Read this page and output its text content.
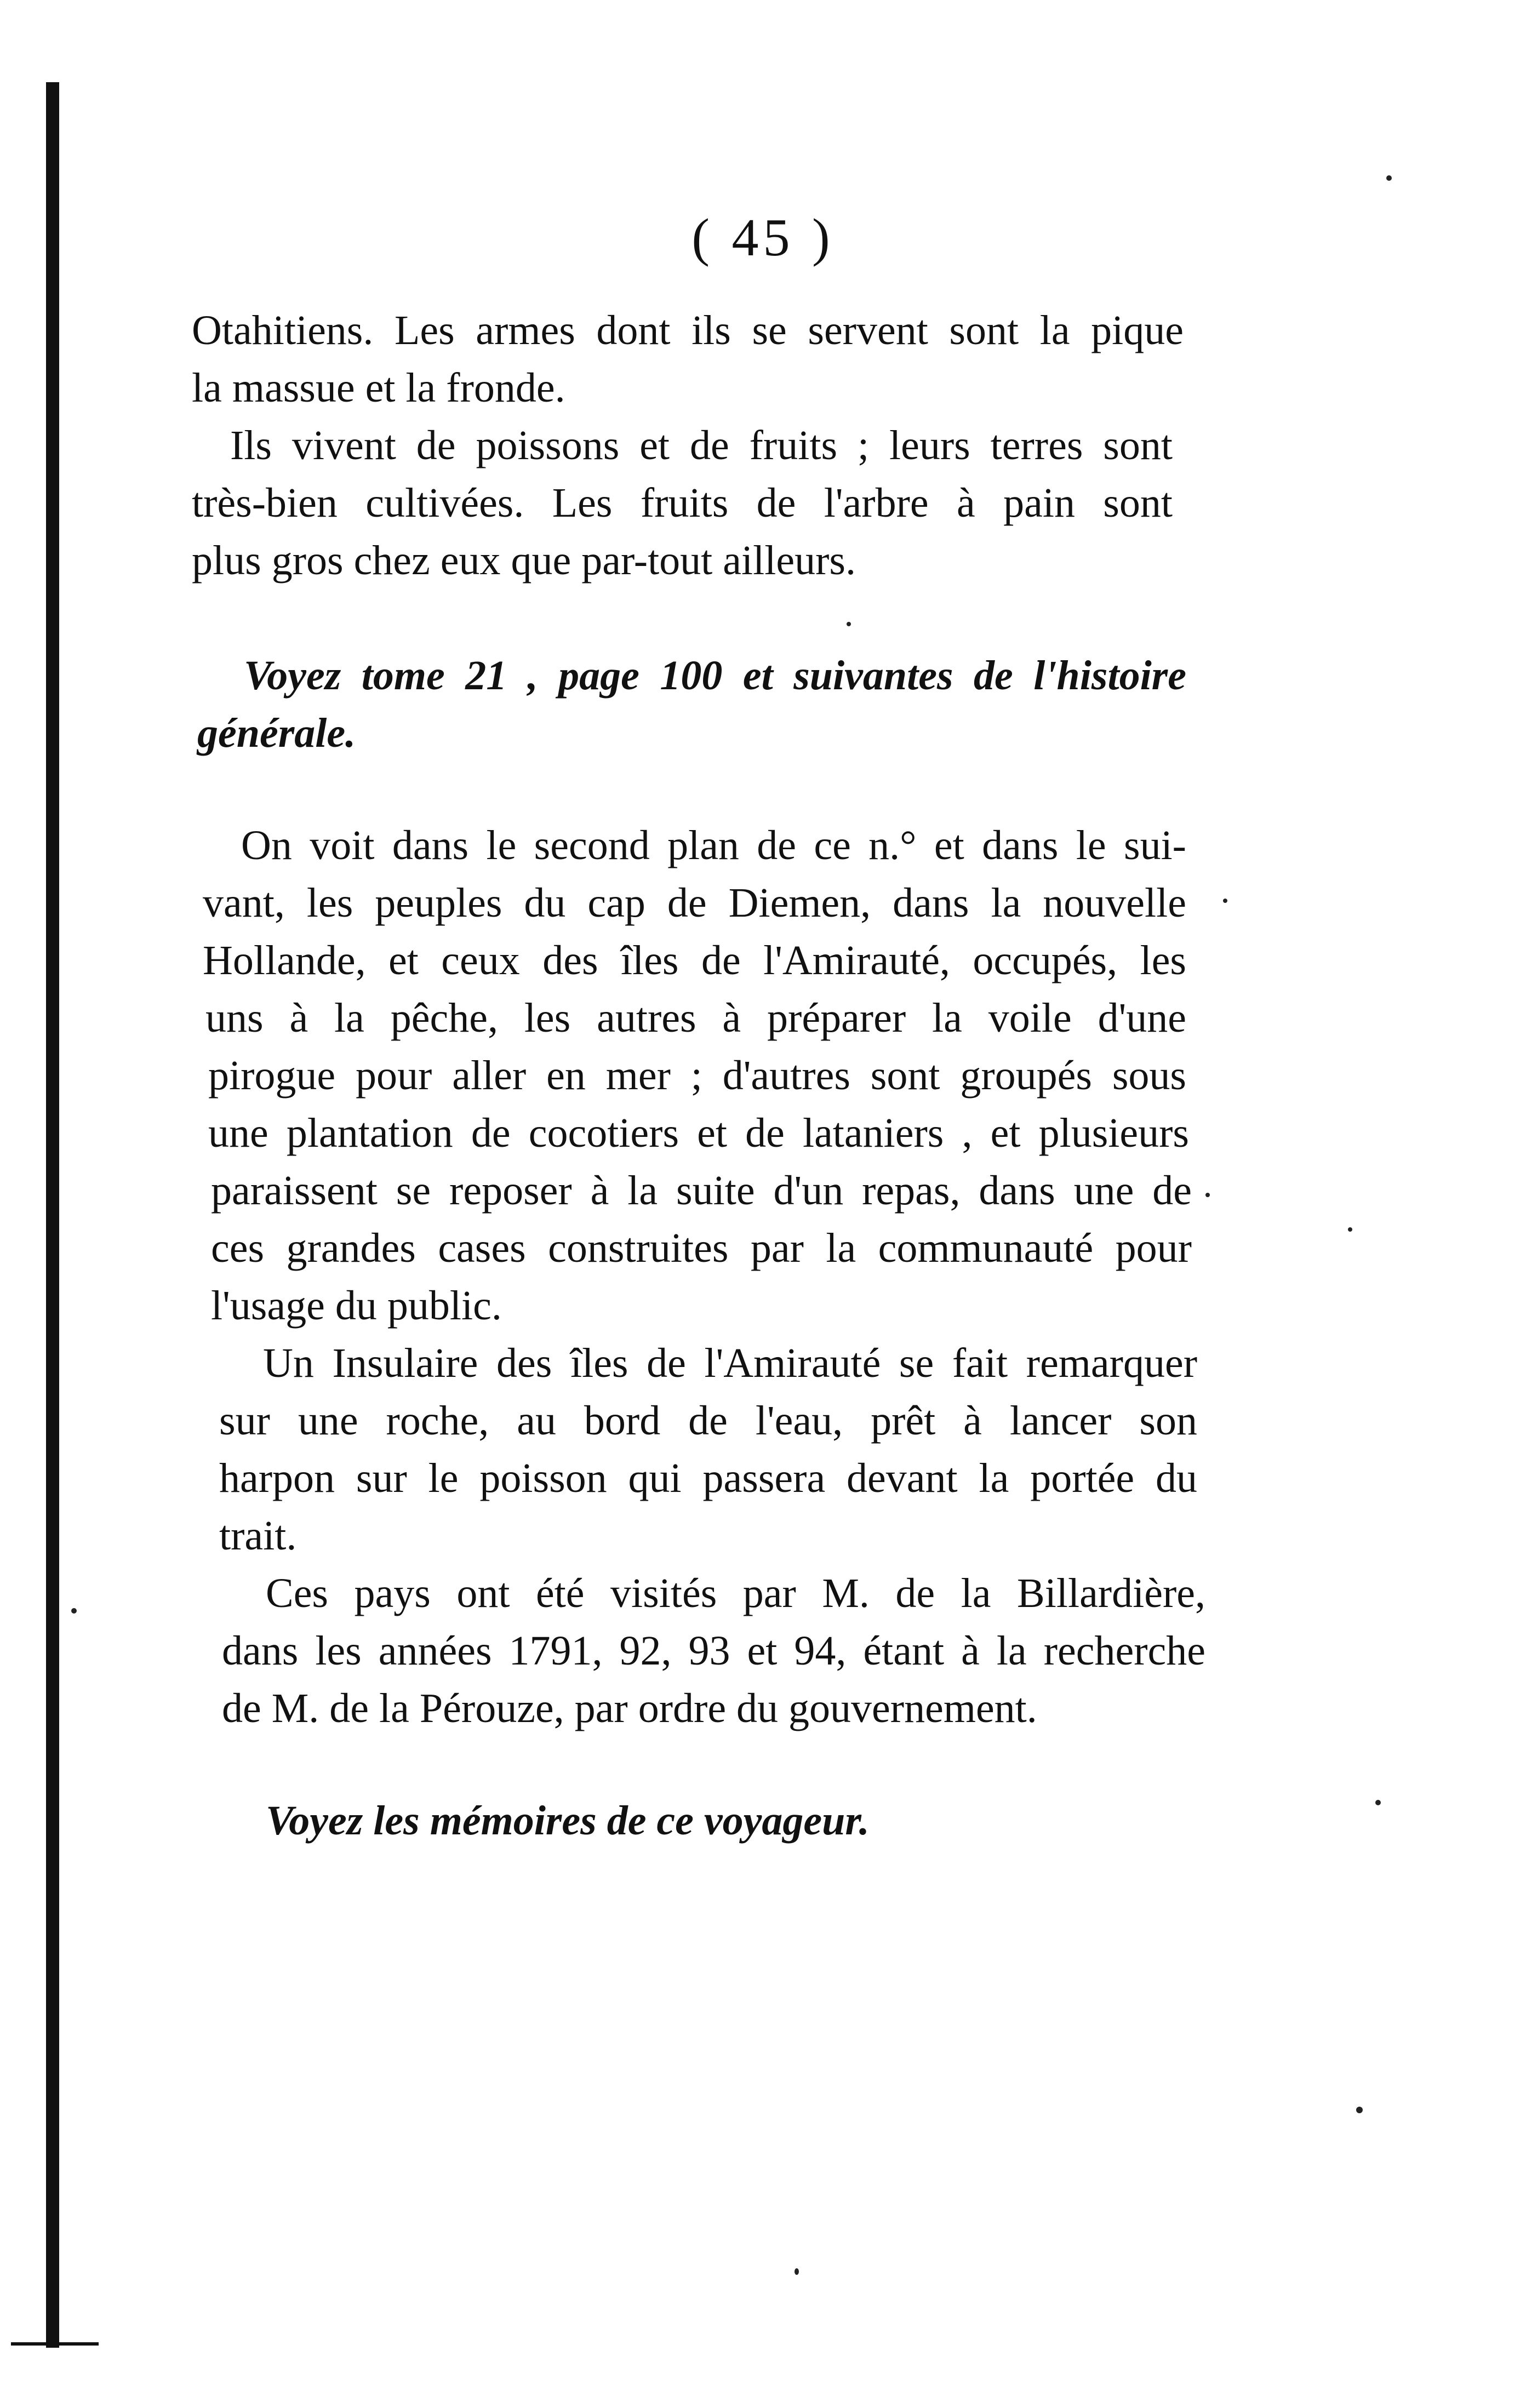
( 45 )
Otahitiens. Les armes dont ils se servent sont la pique
la massue et la fronde.
Ils vivent de poissons et de fruits ; leurs terres sont
très-bien cultivées. Les fruits de l'arbre à pain sont
plus gros chez eux que par-tout ailleurs.
Voyez tome 21 , page 100 et suivantes de l'histoire
générale.
On voit dans le second plan de ce n.° et dans le sui-
vant, les peuples du cap de Diemen, dans la nouvelle
Hollande, et ceux des îles de l'Amirauté, occupés, les
uns à la pêche, les autres à préparer la voile d'une
pirogue pour aller en mer ; d'autres sont groupés sous
une plantation de cocotiers et de lataniers , et plusieurs
paraissent se reposer à la suite d'un repas, dans une de
ces grandes cases construites par la communauté pour
l'usage du public.
Un Insulaire des îles de l'Amirauté se fait remarquer
sur une roche, au bord de l'eau, prêt à lancer son
harpon sur le poisson qui passera devant la portée du
trait.
Ces pays ont été visités par M. de la Billardière,
dans les années 1791, 92, 93 et 94, étant à la recherche
de M. de la Pérouze, par ordre du gouvernement.
Voyez les mémoires de ce voyageur.
